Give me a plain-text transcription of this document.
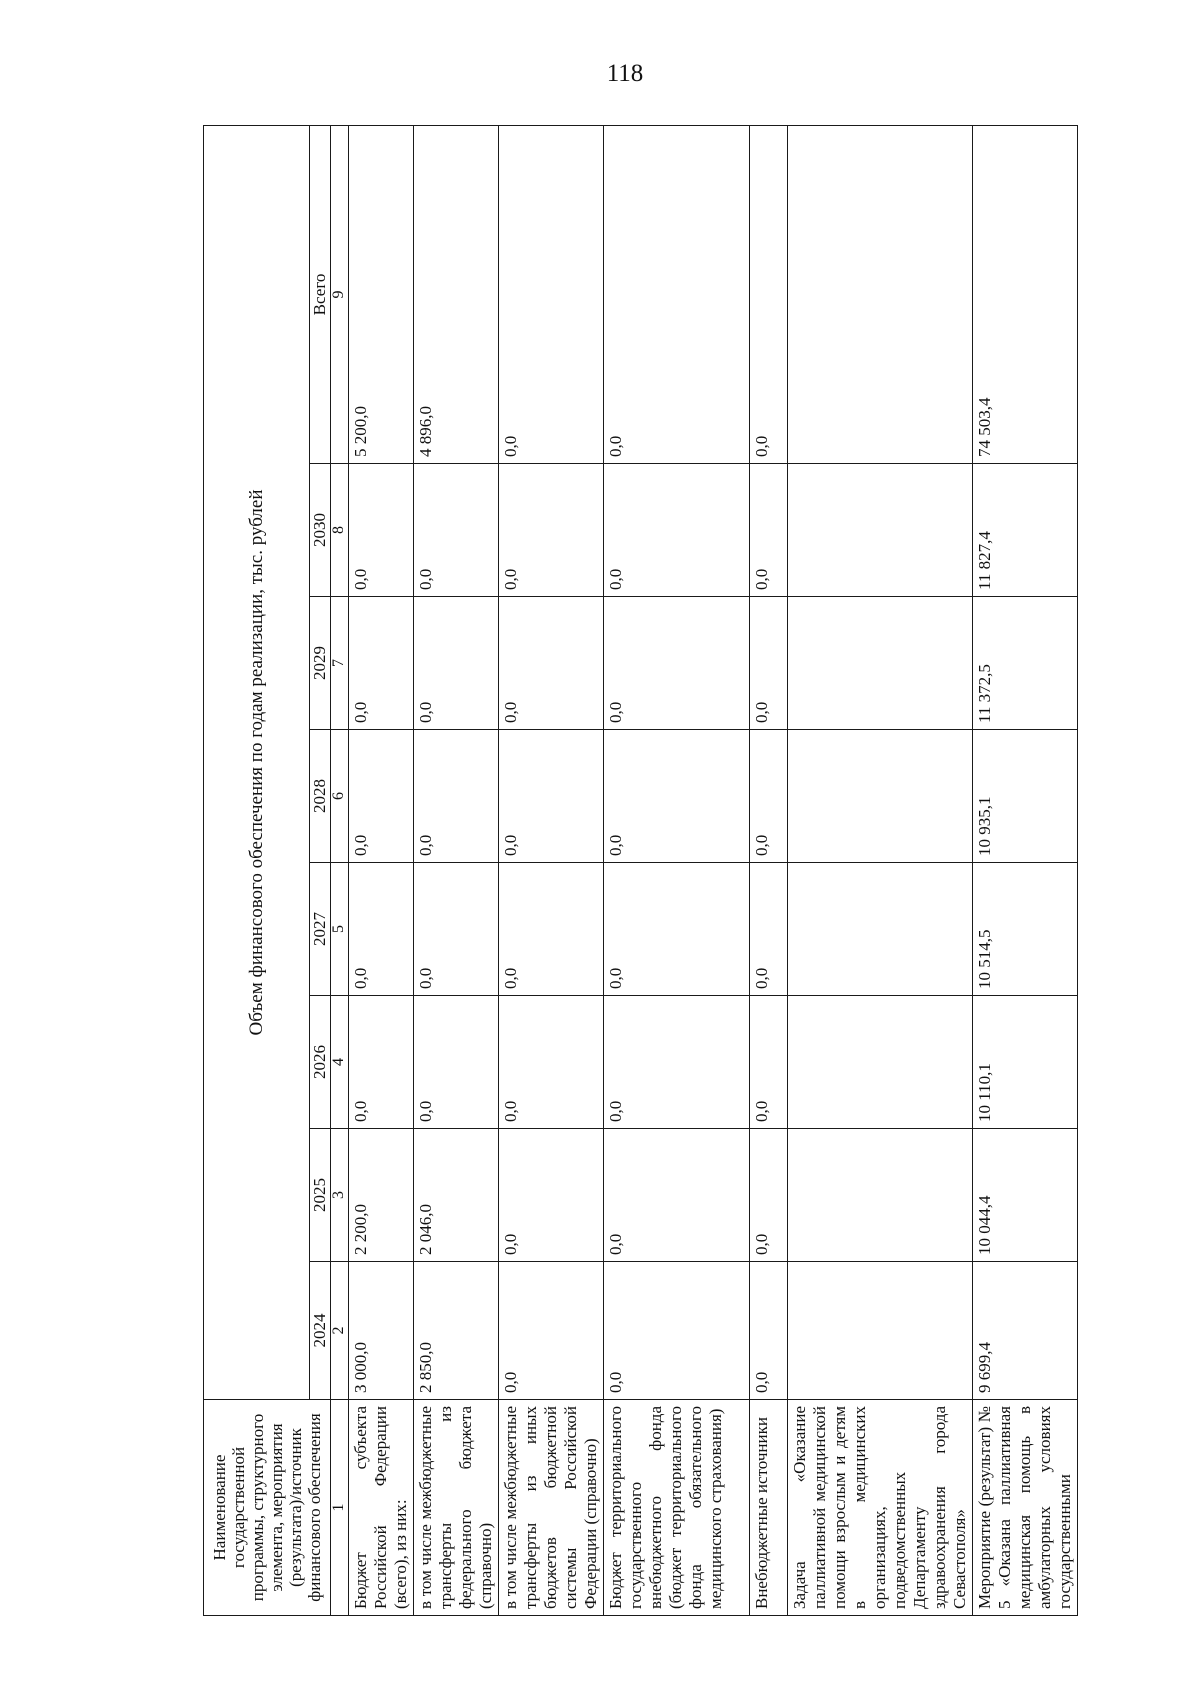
118
Наименование государственной программы, структурного элемента, мероприятия (результата)/источник финансового обеспечения	Объем финансового обеспечения по годам реализации, тыс. рублей							
	2024	2025	2026	2027	2028	2029	2030	Всего
1	2	3	4	5	6	7	8	9
Бюджет субъекта Российской Федерации (всего), из них:	3 000,0	2 200,0	0,0	0,0	0,0	0,0	0,0	5 200,0
в том числе межбюджетные трансферты из федерального бюджета (справочно)	2 850,0	2 046,0	0,0	0,0	0,0	0,0	0,0	4 896,0
в том числе межбюджетные трансферты из иных бюджетов бюджетной системы Российской Федерации (справочно)	0,0	0,0	0,0	0,0	0,0	0,0	0,0	0,0
Бюджет территориального государственного внебюджетного фонда (бюджет территориального фонда обязательного медицинского страхования)	0,0	0,0	0,0	0,0	0,0	0,0	0,0	0,0
Внебюджетные источники	0,0	0,0	0,0	0,0	0,0	0,0	0,0	0,0
Задача «Оказание паллиативной медицинской помощи взрослым и детям в медицинских организациях, подведомственных Департаменту здравоохранения города Севастополя»								
Мероприятие (результат) № 5 «Оказана паллиативная медицинская помощь в амбулаторных условиях государственными	9 699,4	10 044,4	10 110,1	10 514,5	10 935,1	11 372,5	11 827,4	74 503,4
